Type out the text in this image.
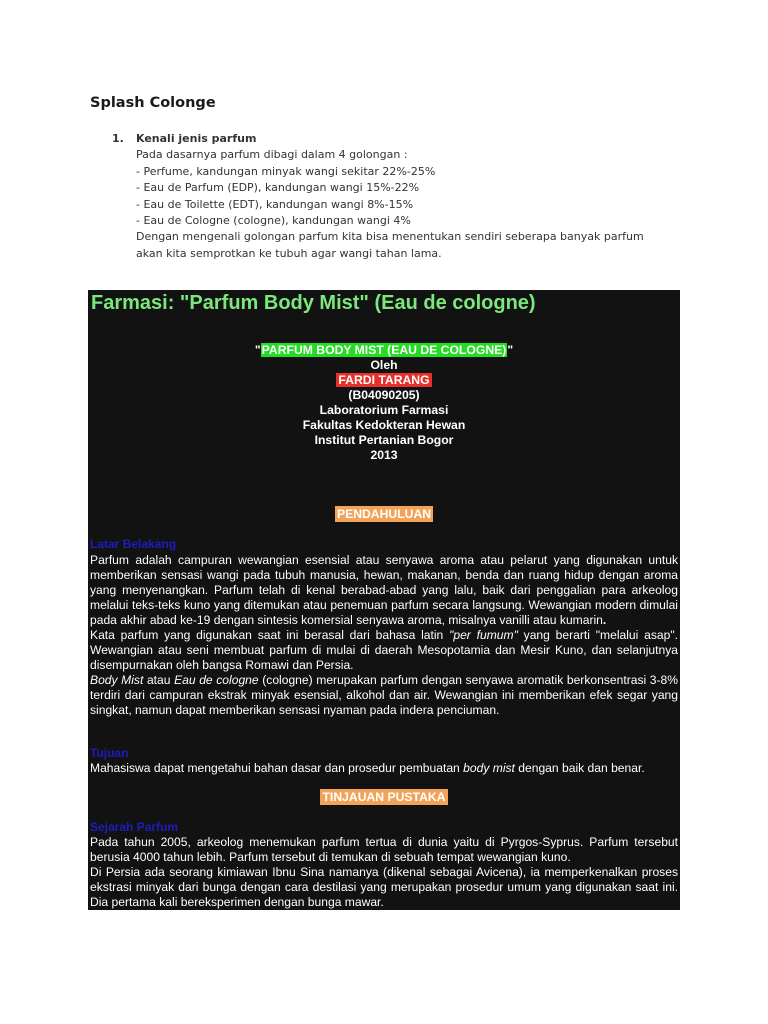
Splash Colonge
1. Kenali jenis parfum

Pada dasarnya parfum dibagi dalam 4 golongan :

- Perfume, kandungan minyak wangi sekitar 22%-25%

- Eau de Parfum (EDP), kandungan wangi 15%-22%

- Eau de Toilette (EDT), kandungan wangi 8%-15%

- Eau de Cologne (cologne), kandungan wangi 4%

Dengan mengenali golongan parfum kita bisa menentukan sendiri seberapa banyak parfum akan kita semprotkan ke tubuh agar wangi tahan lama.

Farmasi: "Parfum Body Mist" (Eau de cologne)
"PARFUM BODY MIST (EAU DE COLOGNE)"
Oleh
FARDI TARANG
(B04090205)
Laboratorium Farmasi
Fakultas Kedokteran Hewan
Institut Pertanian Bogor
2013
PENDAHULUAN
Latar Belakang

Parfum adalah campuran wewangian esensial atau senyawa aroma atau pelarut yang digunakan untuk memberikan sensasi wangi pada tubuh manusia, hewan, makanan, benda dan ruang hidup dengan aroma yang menyenangkan. Parfum telah di kenal berabad-abad yang lalu, baik dari penggalian para arkeolog melalui teks-teks kuno yang ditemukan atau penemuan parfum secara langsung. Wewangian modern dimulai pada akhir abad ke-19 dengan sintesis komersial senyawa aroma, misalnya vanilli atau kumarin.

Kata parfum yang digunakan saat ini berasal dari bahasa latin "per fumum" yang berarti "melalui asap". Wewangian atau seni membuat parfum di mulai di daerah Mesopotamia dan Mesir Kuno, dan selanjutnya disempurnakan oleh bangsa Romawi dan Persia.

Body Mist atau Eau de cologne (cologne) merupakan parfum dengan senyawa aromatik berkonsentrasi 3-8% terdiri dari campuran ekstrak minyak esensial, alkohol dan air. Wewangian ini memberikan efek segar yang singkat, namun dapat memberikan sensasi nyaman pada indera penciuman.

Tujuan

Mahasiswa dapat mengetahui bahan dasar dan prosedur pembuatan body mist dengan baik dan benar.

TINJAUAN PUSTAKA
Sejarah Parfum

Pada tahun 2005, arkeolog menemukan parfum tertua di dunia yaitu di Pyrgos-Syprus. Parfum tersebut berusia 4000 tahun lebih. Parfum tersebut di temukan di sebuah tempat wewangian kuno.

Di Persia ada seorang kimiawan Ibnu Sina namanya (dikenal sebagai Avicena), ia memperkenalkan proses ekstrasi minyak dari bunga dengan cara destilasi yang merupakan prosedur umum yang digunakan saat ini. Dia pertama kali bereksperimen dengan bunga mawar.
